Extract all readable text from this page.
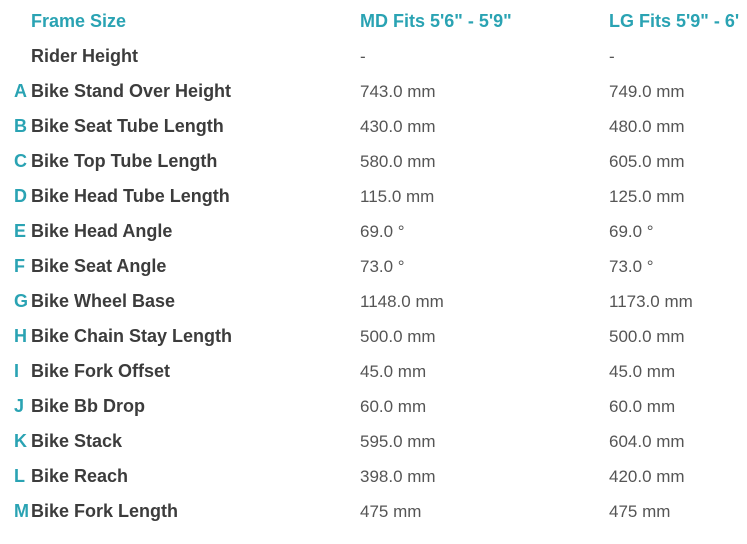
Frame Size	MD Fits 5'6" - 5'9"	LG Fits 5'9" - 6'
Rider Height	-	-
A Bike Stand Over Height	743.0 mm	749.0 mm
B Bike Seat Tube Length	430.0 mm	480.0 mm
C Bike Top Tube Length	580.0 mm	605.0 mm
D Bike Head Tube Length	115.0 mm	125.0 mm
E Bike Head Angle	69.0 °	69.0 °
F Bike Seat Angle	73.0 °	73.0 °
G Bike Wheel Base	1148.0 mm	1173.0 mm
H Bike Chain Stay Length	500.0 mm	500.0 mm
I Bike Fork Offset	45.0 mm	45.0 mm
J Bike Bb Drop	60.0 mm	60.0 mm
K Bike Stack	595.0 mm	604.0 mm
L Bike Reach	398.0 mm	420.0 mm
M Bike Fork Length	475 mm	475 mm
